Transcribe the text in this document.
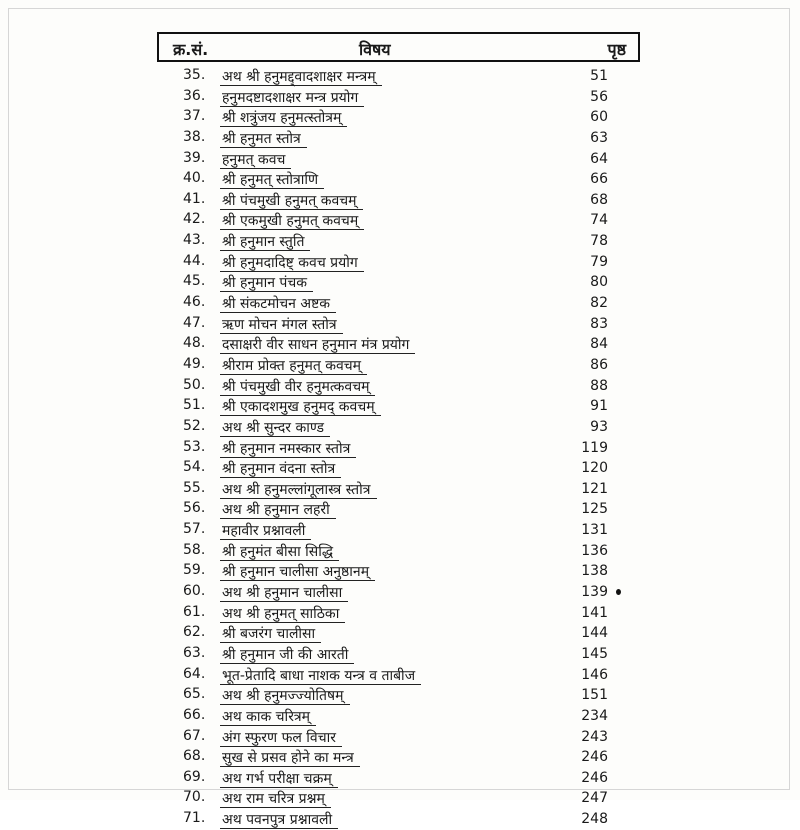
क्र.सं.	विषय	पृष्ठ
35.	अथ श्री हनुमद्द्वादशाक्षर मन्त्रम्	51
36.	हनुमदष्टादशाक्षर मन्त्र प्रयोग	56
37.	श्री शत्रुंजय हनुमत्स्तोत्रम्	60
38.	श्री हनुमत स्तोत्र	63
39.	हनुमत् कवच	64
40.	श्री हनुमत् स्तोत्राणि	66
41.	श्री पंचमुखी हनुमत् कवचम्	68
42.	श्री एकमुखी हनुमत् कवचम्	74
43.	श्री हनुमान स्तुति	78
44.	श्री हनुमदादिष्ट् कवच प्रयोग	79
45.	श्री हनुमान पंचक	80
46.	श्री संकटमोचन अष्टक	82
47.	ऋण मोचन मंगल स्तोत्र	83
48.	दसाक्षरी वीर साधन हनुमान मंत्र प्रयोग	84
49.	श्रीराम प्रोक्त हनुमत् कवचम्	86
50.	श्री पंचमुखी वीर हनुमत्कवचम्	88
51.	श्री एकादशमुख हनुमद् कवचम्	91
52.	अथ श्री सुन्दर काण्ड	93
53.	श्री हनुमान नमस्कार स्तोत्र	119
54.	श्री हनुमान वंदना स्तोत्र	120
55.	अथ श्री हनुमल्लांगूलास्त्र स्तोत्र	121
56.	अथ श्री हनुमान लहरी	125
57.	महावीर प्रश्नावली	131
58.	श्री हनुमंत बीसा सिद्धि	136
59.	श्री हनुमान चालीसा अनुष्ठानम्	138
60.	अथ श्री हनुमान चालीसा	139
61.	अथ श्री हनुमत् साठिका	141
62.	श्री बजरंग चालीसा	144
63.	श्री हनुमान जी की आरती	145
64.	भूत-प्रेतादि बाधा नाशक यन्त्र व ताबीज	146
65.	अथ श्री हनुमज्ज्योतिषम्	151
66.	अथ काक चरित्रम्	234
67.	अंग स्फुरण फल विचार	243
68.	सुख से प्रसव होने का मन्त्र	246
69.	अथ गर्भ परीक्षा चक्रम्	246
70.	अथ राम चरित्र प्रश्नम्	247
71.	अथ पवनपुत्र प्रश्नावली	248
